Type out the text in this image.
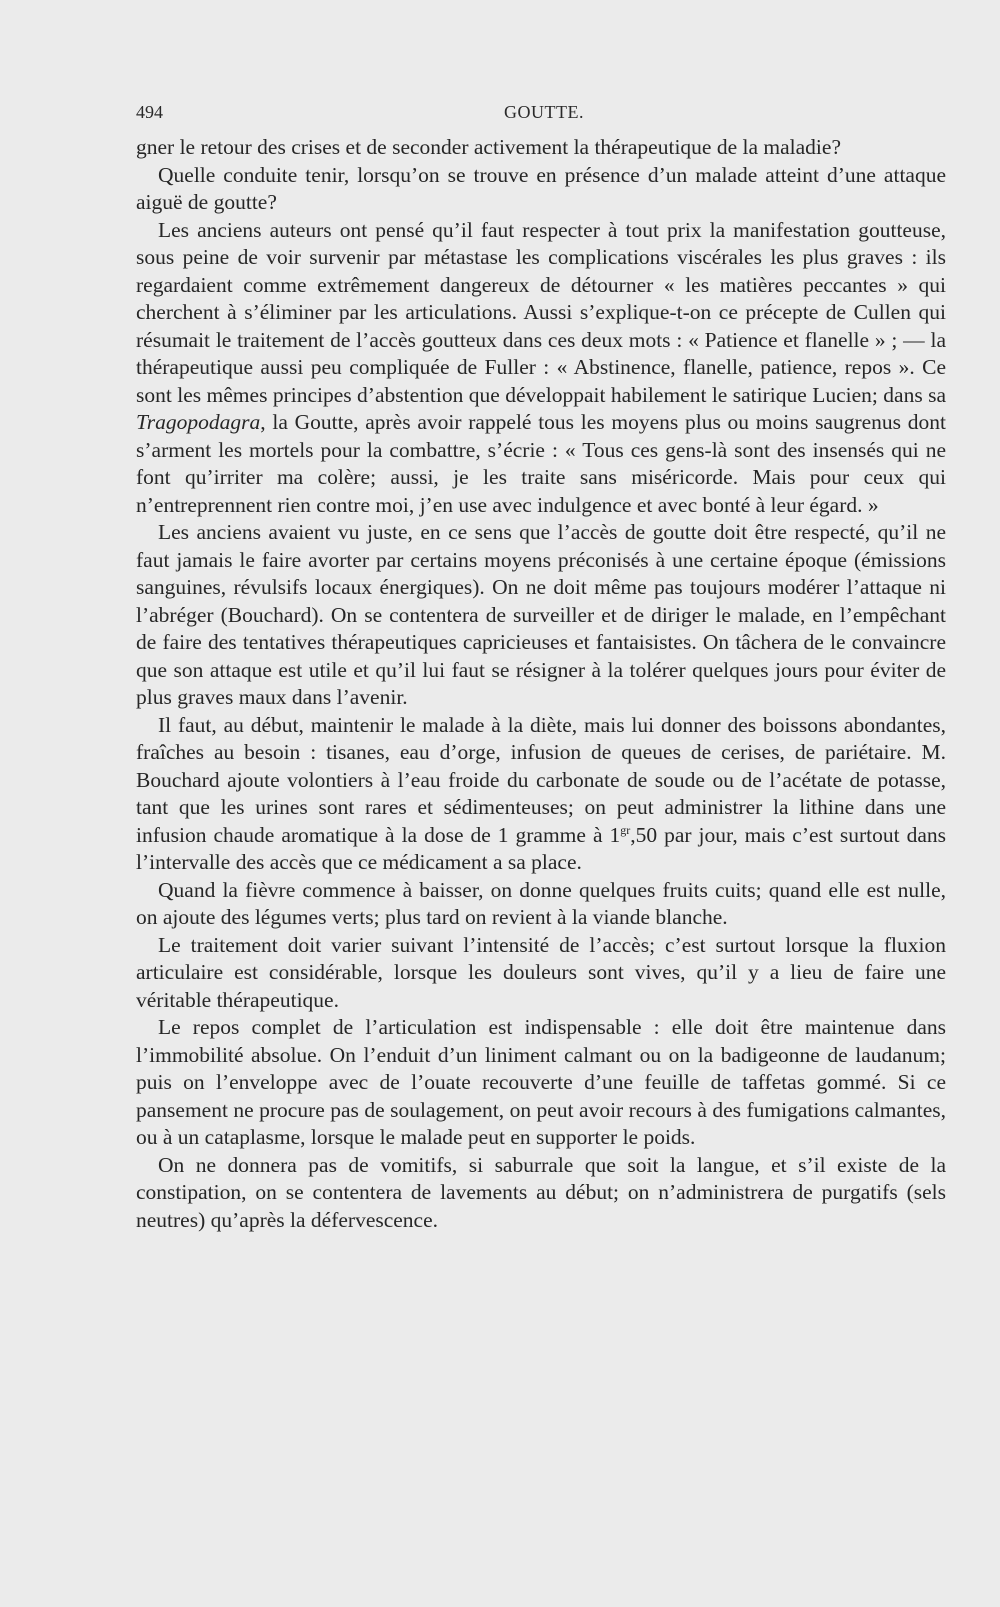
494	GOUTTE.

gner le retour des crises et de seconder activement la thérapeutique de la maladie?

Quelle conduite tenir, lorsqu’on se trouve en présence d’un malade atteint d’une attaque aiguë de goutte?

Les anciens auteurs ont pensé qu’il faut respecter à tout prix la manifestation goutteuse, sous peine de voir survenir par métastase les complications viscérales les plus graves : ils regardaient comme extrêmement dangereux de détourner « les matières peccantes » qui cherchent à s’éliminer par les articulations. Aussi s’explique-t-on ce précepte de Cullen qui résumait le traitement de l’accès goutteux dans ces deux mots : « Patience et flanelle » ; — la thérapeutique aussi peu compliquée de Fuller : « Abstinence, flanelle, patience, repos ». Ce sont les mêmes principes d’abstention que développait habilement le satirique Lucien; dans sa Tragopodagra, la Goutte, après avoir rappelé tous les moyens plus ou moins saugrenus dont s’arment les mortels pour la combattre, s’écrie : « Tous ces gens-là sont des insensés qui ne font qu’irriter ma colère; aussi, je les traite sans miséricorde. Mais pour ceux qui n’entreprennent rien contre moi, j’en use avec indulgence et avec bonté à leur égard. »

Les anciens avaient vu juste, en ce sens que l’accès de goutte doit être respecté, qu’il ne faut jamais le faire avorter par certains moyens préconisés à une certaine époque (émissions sanguines, révulsifs locaux énergiques). On ne doit même pas toujours modérer l’attaque ni l’abréger (Bouchard). On se contentera de surveiller et de diriger le malade, en l’empêchant de faire des tentatives thérapeutiques capricieuses et fantaisistes. On tâchera de le convaincre que son attaque est utile et qu’il lui faut se résigner à la tolérer quelques jours pour éviter de plus graves maux dans l’avenir.

Il faut, au début, maintenir le malade à la diète, mais lui donner des boissons abondantes, fraîches au besoin : tisanes, eau d’orge, infusion de queues de cerises, de pariétaire. M. Bouchard ajoute volontiers à l’eau froide du carbonate de soude ou de l’acétate de potasse, tant que les urines sont rares et sédimenteuses; on peut administrer la lithine dans une infusion chaude aromatique à la dose de 1 gramme à $1^{gr},50$ par jour, mais c’est surtout dans l’intervalle des accès que ce médicament a sa place.

Quand la fièvre commence à baisser, on donne quelques fruits cuits; quand elle est nulle, on ajoute des légumes verts; plus tard on revient à la viande blanche.

Le traitement doit varier suivant l’intensité de l’accès; c’est surtout lorsque la fluxion articulaire est considérable, lorsque les douleurs sont vives, qu’il y a lieu de faire une véritable thérapeutique.

Le repos complet de l’articulation est indispensable : elle doit être maintenue dans l’immobilité absolue. On l’enduit d’un liniment calmant ou on la badigeonne de laudanum; puis on l’enveloppe avec de l’ouate recouverte d’une feuille de taffetas gommé. Si ce pansement ne procure pas de soulagement, on peut avoir recours à des fumigations calmantes, ou à un cataplasme, lorsque le malade peut en supporter le poids.

On ne donnera pas de vomitifs, si saburrale que soit la langue, et s’il existe de la constipation, on se contentera de lavements au début; on n’administrera de purgatifs (sels neutres) qu’après la défervescence.
